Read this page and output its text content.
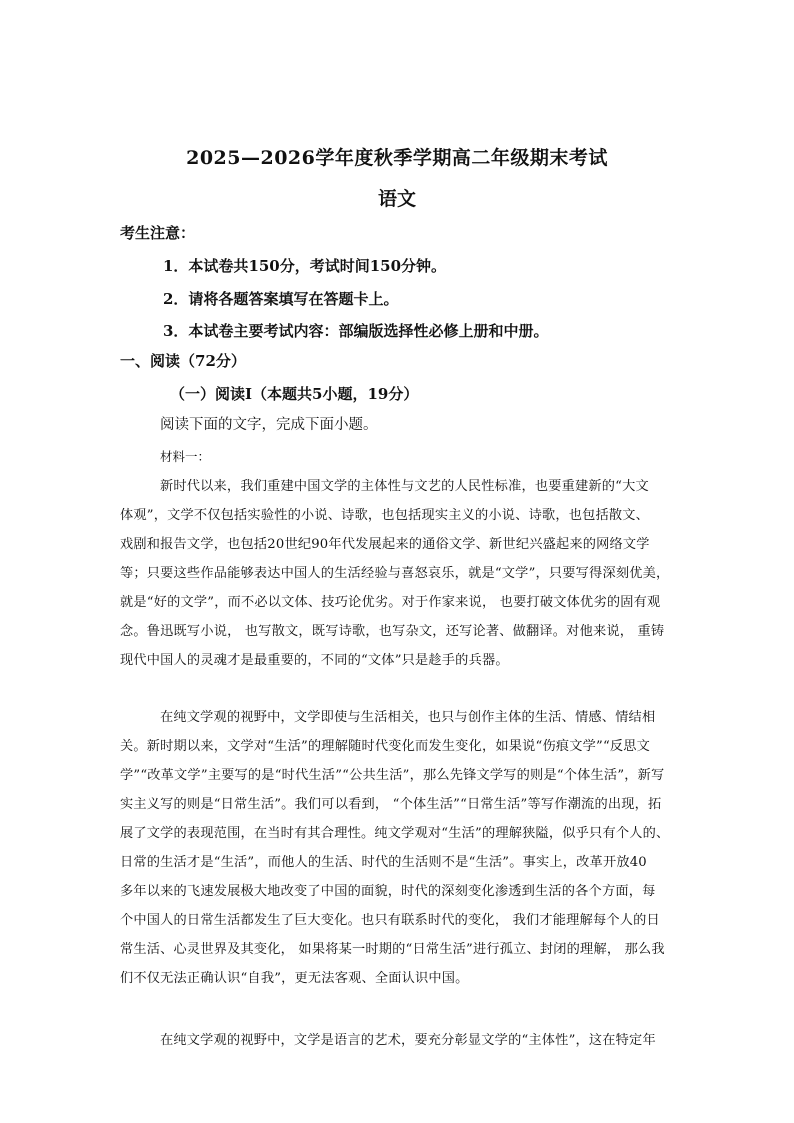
2025—2026学年度秋季学期高二年级期末考试
语文
考生注意：
1．本试卷共150分，考试时间150分钟。
2．请将各题答案填写在答题卡上。
3．本试卷主要考试内容：部编版选择性必修上册和中册。
一、阅读（72分）
（一）阅读Ⅰ（本题共5小题，19分）
阅读下面的文字，完成下面小题。
材料一：
新时代以来，我们重建中国文学的主体性与文艺的人民性标准，也要重建新的“大文
体观”，文学不仅包括实验性的小说、诗歌，也包括现实主义的小说、诗歌，也包括散文、
戏剧和报告文学，也包括20世纪90年代发展起来的通俗文学、新世纪兴盛起来的网络文学
等；只要这些作品能够表达中国人的生活经验与喜怒哀乐，就是“文学”，只要写得深刻优美，
就是“好的文学”，而不必以文体、技巧论优劣。对于作家来说， 也要打破文体优劣的固有观
念。鲁迅既写小说， 也写散文，既写诗歌，也写杂文，还写论著、做翻译。对他来说， 重铸
现代中国人的灵魂才是最重要的，不同的“文体”只是趁手的兵器。
在纯文学观的视野中，文学即使与生活相关，也只与创作主体的生活、情感、情结相
关。新时期以来，文学对“生活”的理解随时代变化而发生变化，如果说“伤痕文学”“反思文
学”“改革文学”主要写的是“时代生活”“公共生活”，那么先锋文学写的则是“个体生活”，新写
实主义写的则是“日常生活”。我们可以看到， “个体生活”“日常生活”等写作潮流的出现，拓
展了文学的表现范围，在当时有其合理性。纯文学观对“生活”的理解狭隘，似乎只有个人的、
日常的生活才是“生活”，而他人的生活、时代的生活则不是“生活”。事实上，改革开放40
多年以来的飞速发展极大地改变了中国的面貌，时代的深刻变化渗透到生活的各个方面，每
个中国人的日常生活都发生了巨大变化。也只有联系时代的变化， 我们才能理解每个人的日
常生活、心灵世界及其变化， 如果将某一时期的“日常生活”进行孤立、封闭的理解， 那么我
们不仅无法正确认识“自我”，更无法客观、全面认识中国。
在纯文学观的视野中，文学是语言的艺术，要充分彰显文学的“主体性”，这在特定年
